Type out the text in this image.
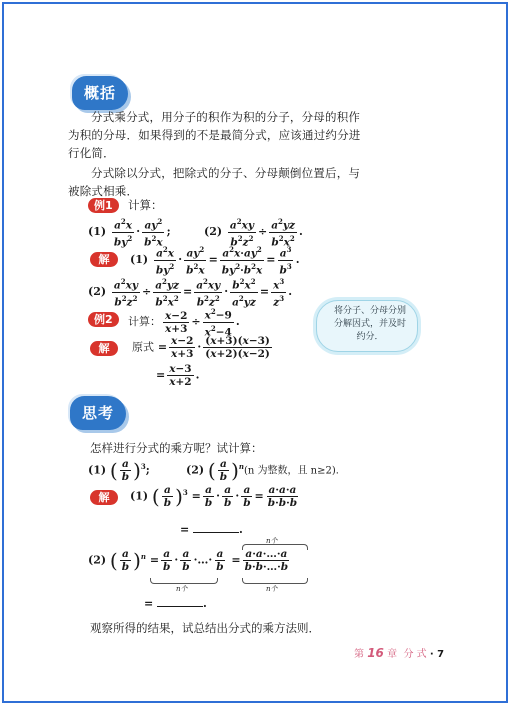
概括
分式乘分式，用分子的积作为积的分子，分母的积作为积的分母．如果得到的不是最简分式，应该通过约分进行化简．
分式除以分式，把除式的分子、分母颠倒位置后，与被除式相乘．
例1	计算：
$(1) \frac{a^2x}{by^2} \cdot \frac{ay^2}{b^2x}$ ;	$(2) \frac{a^2xy}{b^2z^2} \div \frac{a^2yz}{b^2x^2}$ .
解	$(1) \frac{a^2x}{by^2} \cdot \frac{ay^2}{b^2x} = \frac{a^2x\cdot ay^2}{by^2\cdot b^2x} = \frac{a^3}{b^3}$ .
$(2) \frac{a^2xy}{b^2z^2} \div \frac{a^2yz}{b^2x^2} = \frac{a^2xy}{b^2z^2} \cdot \frac{b^2x^2}{a^2yz} = \frac{x^3}{z^3}$ .
例2	计算： $\frac{x-2}{x+3} \div \frac{x^2-9}{x^2-4}$ .
解	原式 = $\frac{x-2}{x+3} \cdot \frac{(x+3)(x-3)}{(x+2)(x-2)}$
= $\frac{x-3}{x+2}$ .
将分子、分母分别分解因式，并及时约分．
思考
怎样进行分式的乘方呢？试计算：
(1) ( $\frac{a}{b} )^3$;	(2) ( $\frac{a}{b} )^n(n$ 为整数，且 n≥2)．
解	(1) ( $\frac{a}{b} )^3 = \frac{a}{b} \cdot \frac{a}{b} \cdot \frac{a}{b} = \frac{a\cdot a\cdot a}{b\cdot b\cdot b}$
=	.
(2) ( $\frac{a}{b} )^n = \frac{a}{b} \cdot \frac{a}{b}$ ·…· $\frac{a}{b} = \frac{a\cdot a\cdot\dots\cdot a}{b\cdot b\cdot\dots\cdot b}$
n个
n个
n个
=	.
观察所得的结果，试总结出分式的乘方法则．
第 16 章 分 式 · 7
